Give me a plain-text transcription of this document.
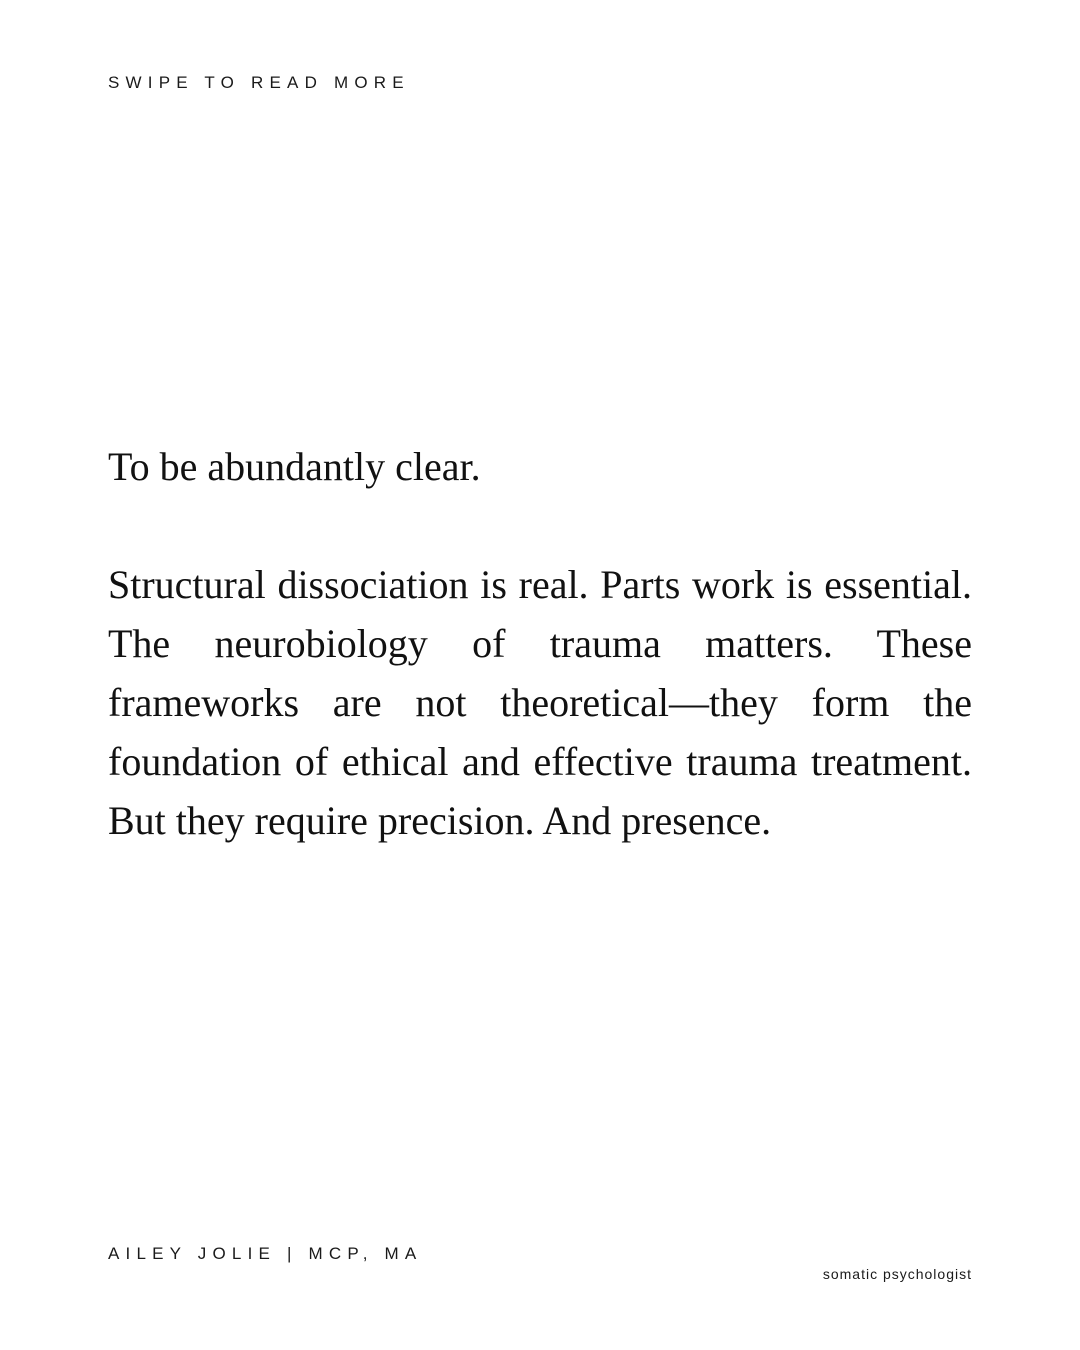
SWIPE TO READ MORE

To be abundantly clear.

Structural dissociation is real. Parts work is essential. The neurobiology of trauma matters. These frameworks are not theoretical—they form the foundation of ethical and effective trauma treatment. But they require precision. And presence.

AILEY JOLIE | MCP, MA
somatic psychologist
